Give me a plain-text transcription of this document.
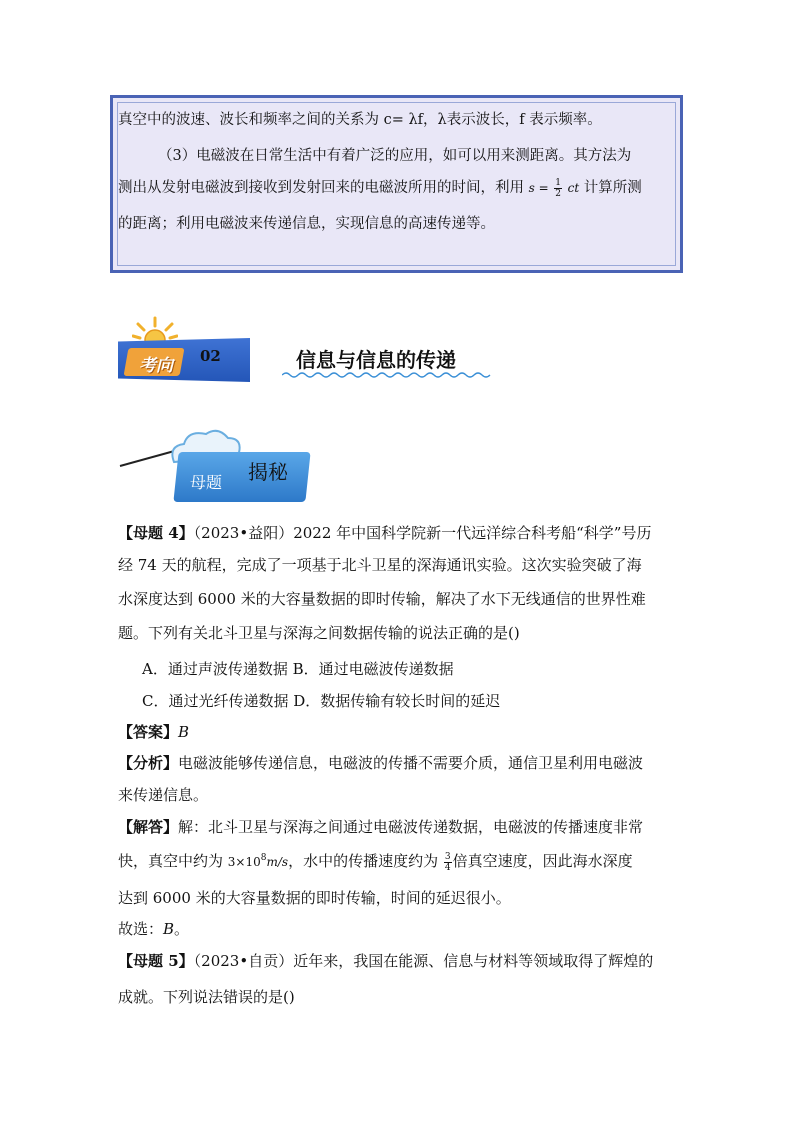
真空中的波速、波长和频率之间的关系为 c= λf，λ表示波长，f 表示频率。
（3）电磁波在日常生活中有着广泛的应用，如可以用来测距离。其方法为
测出从发射电磁波到接收到发射回来的电磁波所用的时间，利用 $s = \frac{1}{2}$ ct 计算所测
的距离；利用电磁波来传递信息，实现信息的高速传递等。
考向	02	信息与信息的传递
母题 揭秘
【母题 4】（2023•益阳）2022 年中国科学院新一代远洋综合科考船“科学”号历
经 74 天的航程，完成了一项基于北斗卫星的深海通讯实验。这次实验突破了海
水深度达到 6000 米的大容量数据的即时传输，解决了水下无线通信的世界性难
题。下列有关北斗卫星与深海之间数据传输的说法正确的是()
A．通过声波传递数据 B．通过电磁波传递数据
C．通过光纤传递数据 D．数据传输有较长时间的延迟
【答案】B
【分析】电磁波能够传递信息，电磁波的传播不需要介质，通信卫星利用电磁波
来传递信息。
【解答】解：北斗卫星与深海之间通过电磁波传递数据，电磁波的传播速度非常
快，真空中约为 $3\times 10^8m/s$，水中的传播速度约为 $\frac{3}{4}$ 倍真空速度，因此海水深度
达到 6000 米的大容量数据的即时传输，时间的延迟很小。
故选：B。
【母题 5】（2023•自贡）近年来，我国在能源、信息与材料等领域取得了辉煌的
成就。下列说法错误的是()
